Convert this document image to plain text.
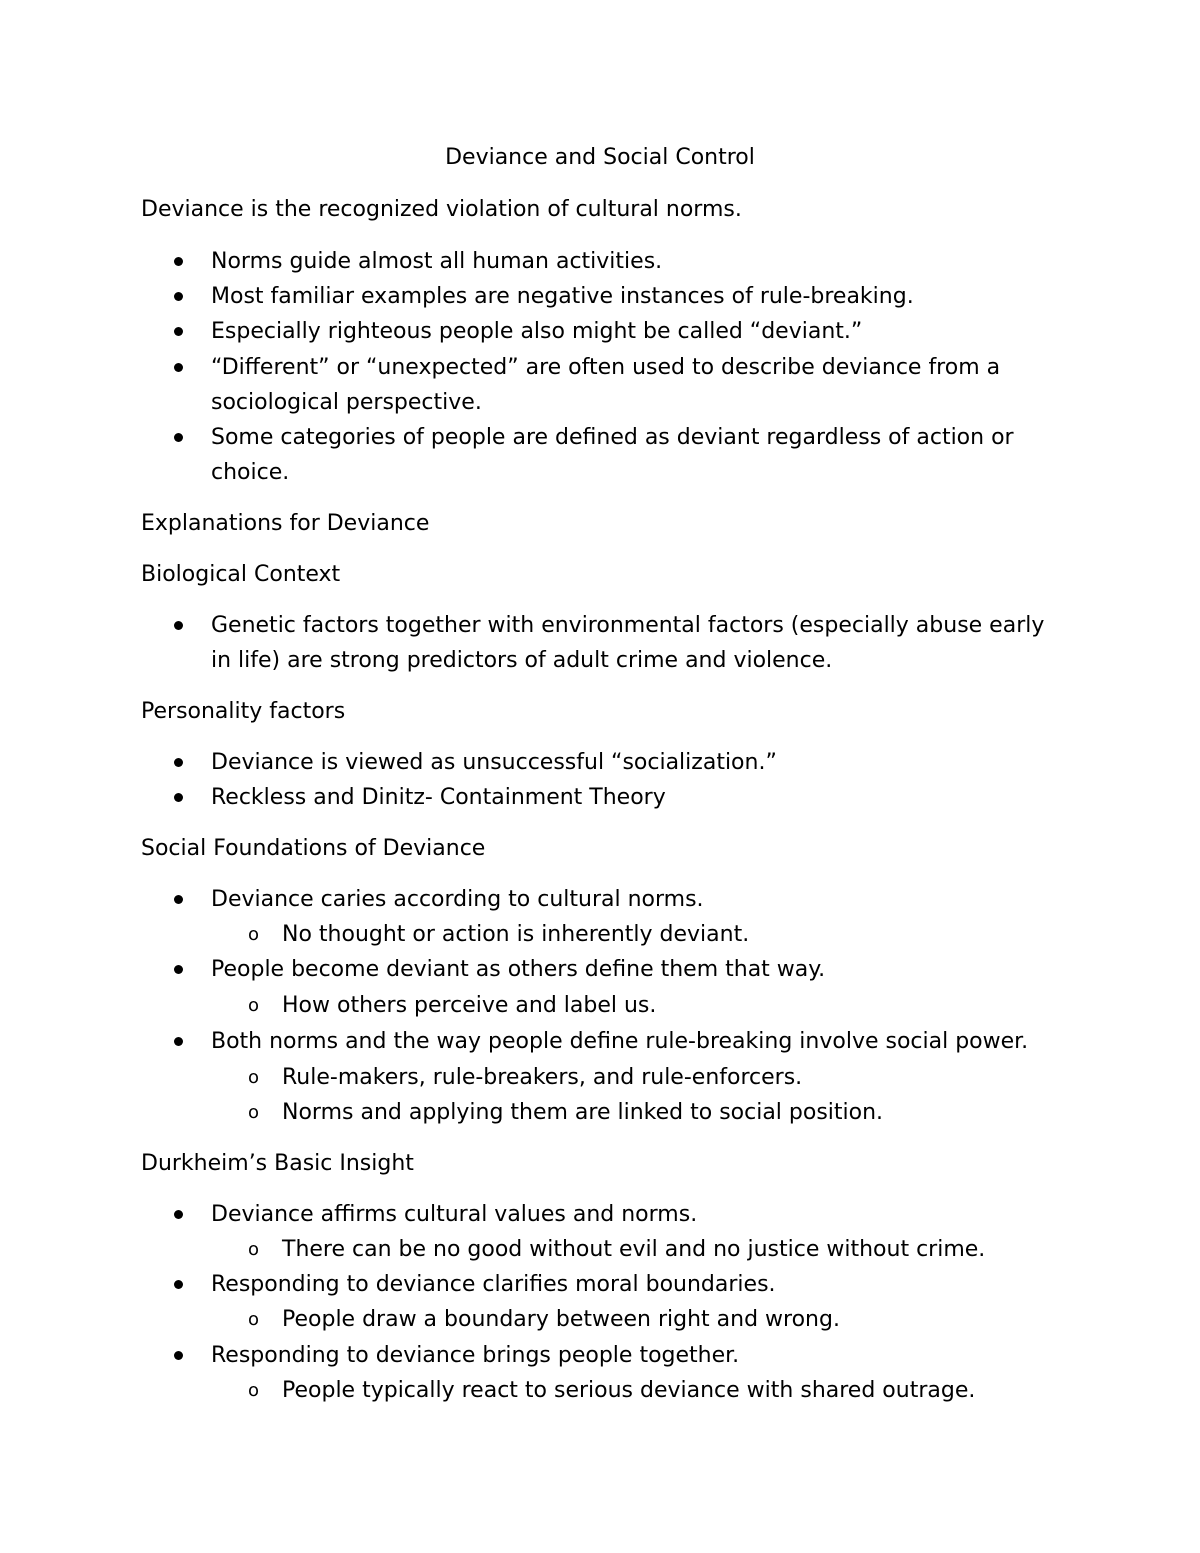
Deviance and Social Control
Deviance is the recognized violation of cultural norms.
Norms guide almost all human activities.
Most familiar examples are negative instances of rule-breaking.
Especially righteous people also might be called “deviant.”
“Different” or “unexpected” are often used to describe deviance from a
sociological perspective.
Some categories of people are defined as deviant regardless of action or
choice.
Explanations for Deviance
Biological Context
Genetic factors together with environmental factors (especially abuse early
in life) are strong predictors of adult crime and violence.
Personality factors
Deviance is viewed as unsuccessful “socialization.”
Reckless and Dinitz- Containment Theory
Social Foundations of Deviance
Deviance caries according to cultural norms.
o No thought or action is inherently deviant.
People become deviant as others define them that way.
o How others perceive and label us.
Both norms and the way people define rule-breaking involve social power.
o Rule-makers, rule-breakers, and rule-enforcers.
o Norms and applying them are linked to social position.
Durkheim’s Basic Insight
Deviance affirms cultural values and norms.
o There can be no good without evil and no justice without crime.
Responding to deviance clarifies moral boundaries.
o People draw a boundary between right and wrong.
Responding to deviance brings people together.
o People typically react to serious deviance with shared outrage.
